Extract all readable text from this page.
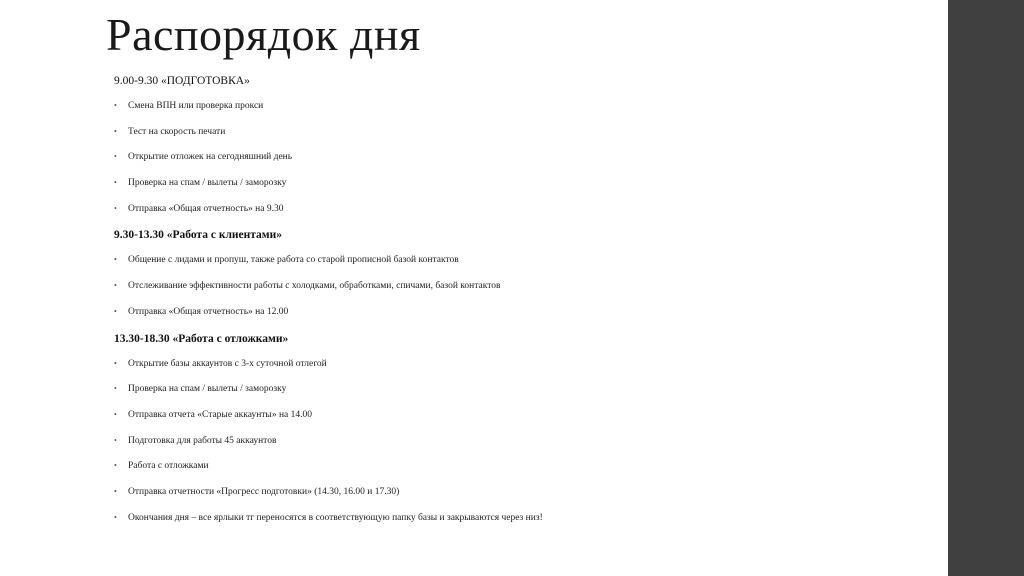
Распорядок дня
9.00-9.30 «ПОДГОТОВКА»
• Смена ВПН или проверка прокси
• Тест на скорость печати
• Открытие отложек на сегодняшний день
• Проверка на спам / вылеты / заморозку
• Отправка «Общая отчетность» на 9.30
9.30-13.30 «Работа с клиентами»
• Общение с лидами и пропуш, также работа со старой прописной базой контактов
• Отслеживание эффективности работы с холодками, обработками, спичами, базой контактов
• Отправка «Общая отчетность» на 12.00
13.30-18.30 «Работа с отложками»
• Открытие базы аккаунтов с 3-х суточной отлегой
• Проверка на спам / вылеты / заморозку
• Отправка отчета «Старые аккаунты» на 14.00
• Подготовка для работы 45 аккаунтов
• Работа с отложками
• Отправка отчетности «Прогресс подготовки» (14.30, 16.00 и 17.30)
• Окончания дня – все ярлыки тг переносятся в соответствующую папку базы и закрываются через низ!
